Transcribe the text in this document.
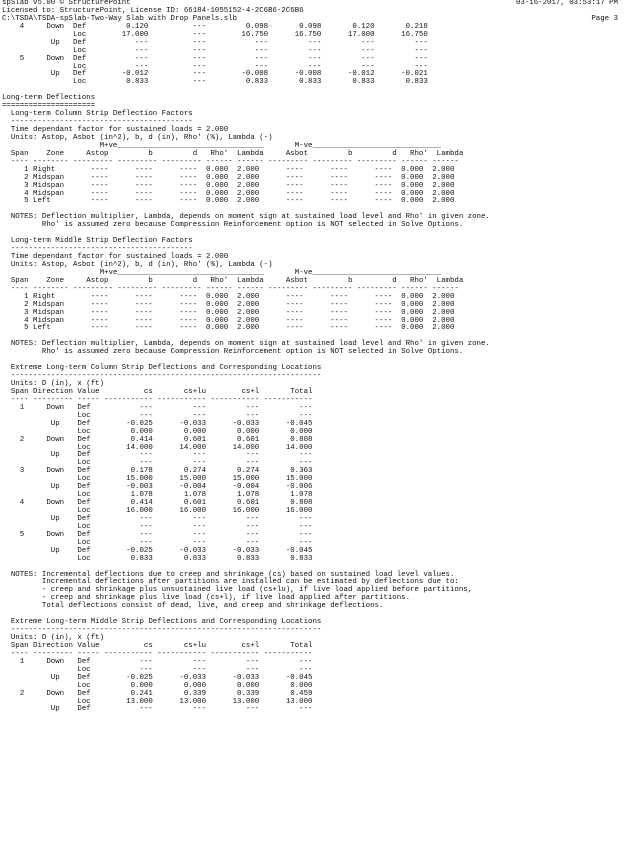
03-16-2017, 03:53:17 PM

Page 3
spSlab v5.00 © StructurePoint
Licensed to: StructurePoint, License ID: 66184-1055152-4-2C6B6-2C6B6
C:\TSDA\TSDA-spSlab-Two-Way Slab with Drop Panels.slb
4     Down  Def         0.120          ---         0.098       0.098       0.120       0.218
Loc        17.000          ---        16.750      16.750      17.000      16.750
Up   Def           ---          ---           ---         ---         ---         ---
Loc           ---          ---           ---         ---         ---         ---
5     Down  Def           ---          ---           ---         ---         ---         ---
Loc           ---          ---           ---         ---         ---         ---
Up   Def        -0.012          ---        -0.008      -0.008      -0.012      -0.021
Loc         0.833          ---         0.833       0.833       0.833       0.833

Long-term Deflections
=====================
Long-term Column Strip Deflection Factors
-----------------------------------------
Time dependant factor for sustained loads = 2.000
Units: Astop, Asbot (in^2), b, d (in), Rho' (%), Lambda (-)
M+ve_________________________________       M-ve_____________________________
Span    Zone     Astop         b         d   Rho'  Lambda     Asbot         b         d   Rho'  Lambda
---- -------- --------- --------- --------- ------ ------ --------- --------- --------- ------ ------
1 Right        ----      ----      ----  0.000  2.000      ----      ----      ----  0.000  2.000
2 Midspan      ----      ----      ----  0.000  2.000      ----      ----      ----  0.000  2.000
3 Midspan      ----      ----      ----  0.000  2.000      ----      ----      ----  0.000  2.000
4 Midspan      ----      ----      ----  0.000  2.000      ----      ----      ----  0.000  2.000
5 Left         ----      ----      ----  0.000  2.000      ----      ----      ----  0.000  2.000

NOTES: Deflection multiplier, Lambda, depends on moment sign at sustained load level and Rho' in given zone.
Rho' is assumed zero because Compression Reinforcement option is NOT selected in Solve Options.

Long-term Middle Strip Deflection Factors
-----------------------------------------
Time dependant factor for sustained loads = 2.000
Units: Astop, Asbot (in^2), b, d (in), Rho' (%), Lambda (-)
M+ve_________________________________       M-ve_____________________________
Span    Zone     Astop         b         d   Rho'  Lambda     Asbot         b         d   Rho'  Lambda
---- -------- --------- --------- --------- ------ ------ --------- --------- --------- ------ ------
1 Right        ----      ----      ----  0.000  2.000      ----      ----      ----  0.000  2.000
2 Midspan      ----      ----      ----  0.000  2.000      ----      ----      ----  0.000  2.000
3 Midspan      ----      ----      ----  0.000  2.000      ----      ----      ----  0.000  2.000
4 Midspan      ----      ----      ----  0.000  2.000      ----      ----      ----  0.000  2.000
5 Left         ----      ----      ----  0.000  2.000      ----      ----      ----  0.000  2.000

NOTES: Deflection multiplier, Lambda, depends on moment sign at sustained load level and Rho' in given zone.
Rho' is assumed zero because Compression Reinforcement option is NOT selected in Solve Options.

Extreme Long-term Column Strip Deflections and Corresponding Locations
----------------------------------------------------------------------
Units: D (in), x (ft)
Span Direction Value          cs       cs+lu        cs+l       Total
---- --------- ----- ----------- ----------- ----------- -----------
1     Down   Def           ---         ---         ---         ---
Loc           ---         ---         ---         ---
Up    Def        -0.025      -0.033      -0.033      -0.045
Loc         0.000       0.000       0.000       0.000
2     Down   Def         0.414       0.601       0.601       0.808
Loc        14.000      14.000      14.000      14.000
Up    Def           ---         ---         ---         ---
Loc           ---         ---         ---         ---
3     Down   Def         0.178       0.274       0.274       0.363
Loc        15.000      15.000      15.000      15.000
Up    Def        -0.003      -0.004      -0.004      -0.006
Loc         1.078       1.078       1.078       1.078
4     Down   Def         0.414       0.601       0.601       0.808
Loc        16.000      16.000      16.000      16.000
Up    Def           ---         ---         ---         ---
Loc           ---         ---         ---         ---
5     Down   Def           ---         ---         ---         ---
Loc           ---         ---         ---         ---
Up    Def        -0.025      -0.033      -0.033      -0.045
Loc         0.833       0.833       0.833       0.833

NOTES: Incremental deflections due to creep and shrinkage (cs) based on sustained load level values.
Incremental deflections after partitions are installed can be estimated by deflections due to:
- creep and shrinkage plus unsustained live load (cs+lu), if live load applied before partitions,
- creep and shrinkage plus live load (cs+l), if live load applied after partitions.
Total deflections consist of dead, live, and creep and shrinkage deflections.

Extreme Long-term Middle Strip Deflections and Corresponding Locations
----------------------------------------------------------------------
Units: D (in), x (ft)
Span Direction Value          cs       cs+lu        cs+l       Total
---- --------- ----- ----------- ----------- ----------- -----------
1     Down   Def           ---         ---         ---         ---
Loc           ---         ---         ---         ---
Up    Def        -0.025      -0.033      -0.033      -0.045
Loc         0.000       0.000       0.000       0.000
2     Down   Def         0.241       0.339       0.339       0.459
Loc        13.000      13.000      13.000      13.000
Up    Def           ---         ---         ---         ---
